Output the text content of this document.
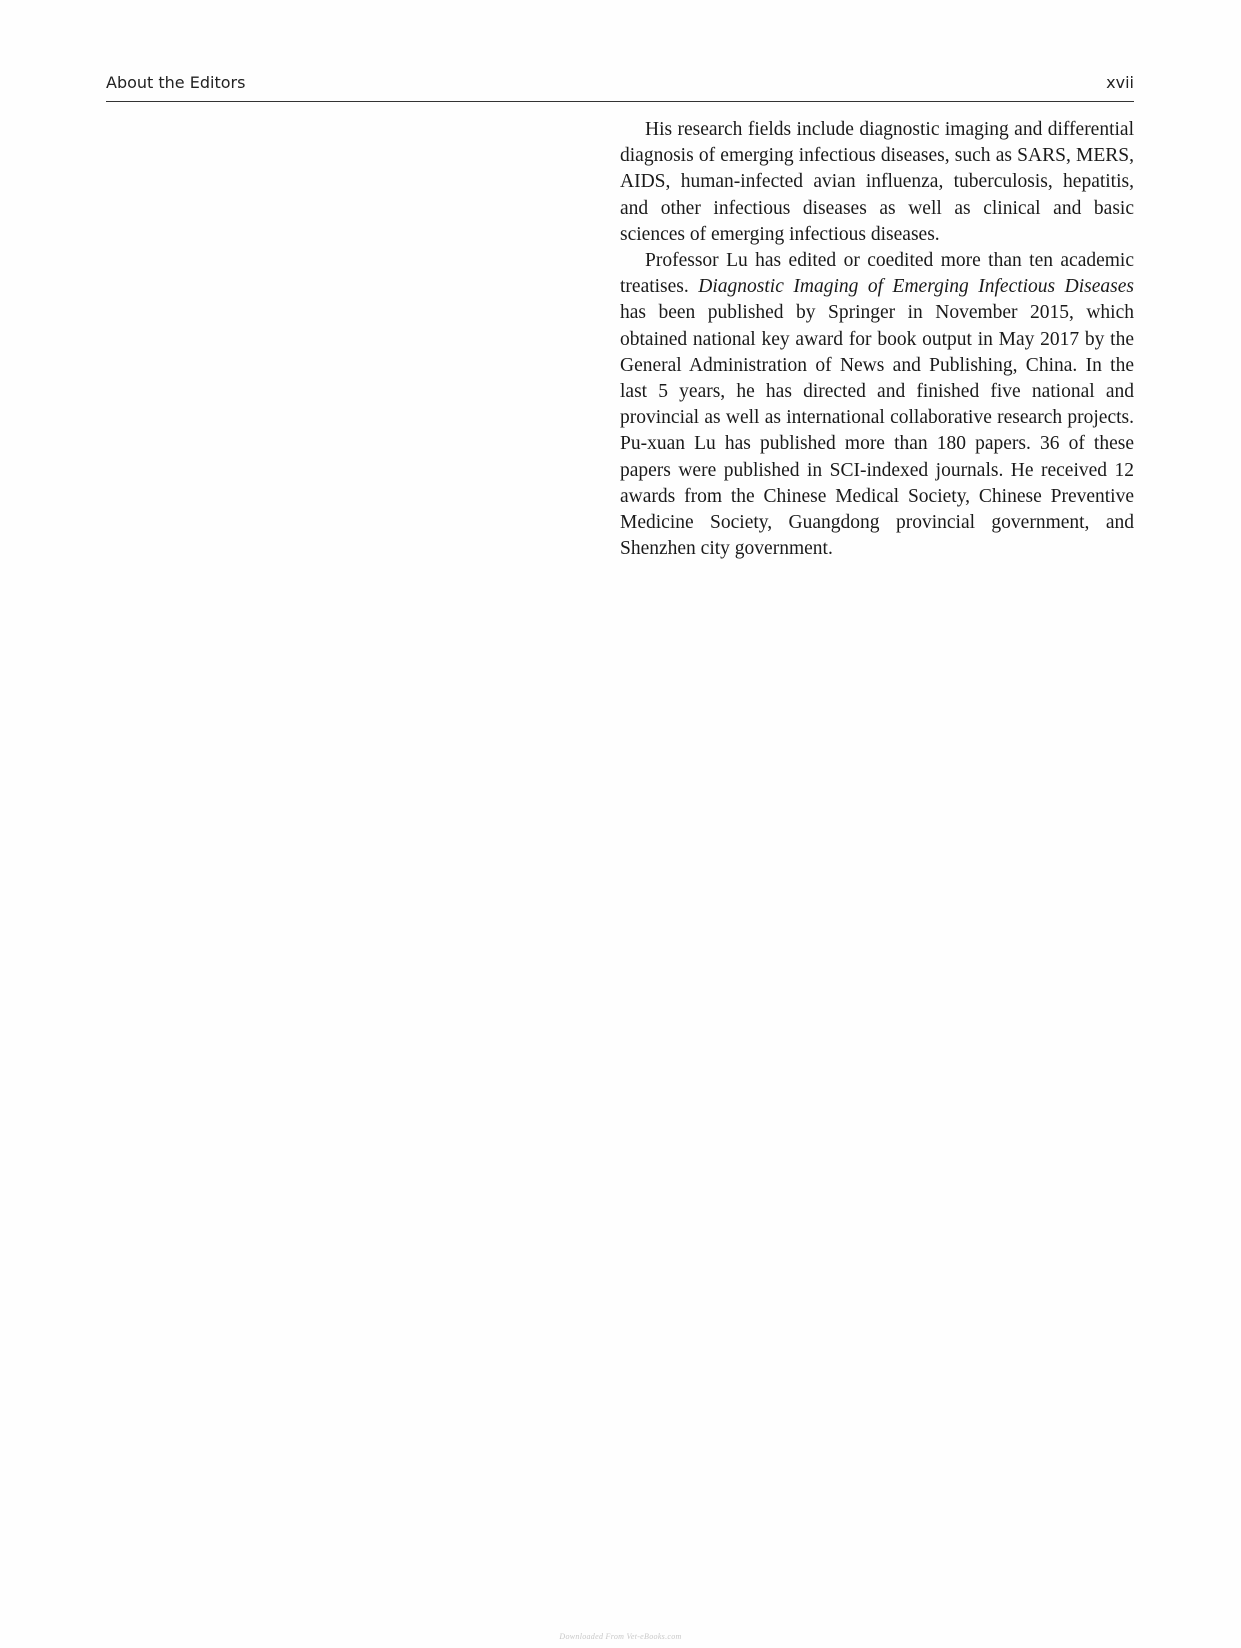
About the Editors	xvii

His research fields include diagnostic imaging and differential diagnosis of emerging infectious diseases, such as SARS, MERS, AIDS, human-infected avian influenza, tuberculosis, hepatitis, and other infectious diseases as well as clinical and basic sciences of emerging infectious diseases.

Professor Lu has edited or coedited more than ten academic treatises. Diagnostic Imaging of Emerging Infectious Diseases has been published by Springer in November 2015, which obtained national key award for book output in May 2017 by the General Administration of News and Publishing, China. In the last 5 years, he has directed and finished five national and provincial as well as international collaborative research projects. Pu-xuan Lu has published more than 180 papers. 36 of these papers were published in SCI-indexed journals. He received 12 awards from the Chinese Medical Society, Chinese Preventive Medicine Society, Guangdong provincial government, and Shenzhen city government.

Downloaded From Vet-eBooks.com
